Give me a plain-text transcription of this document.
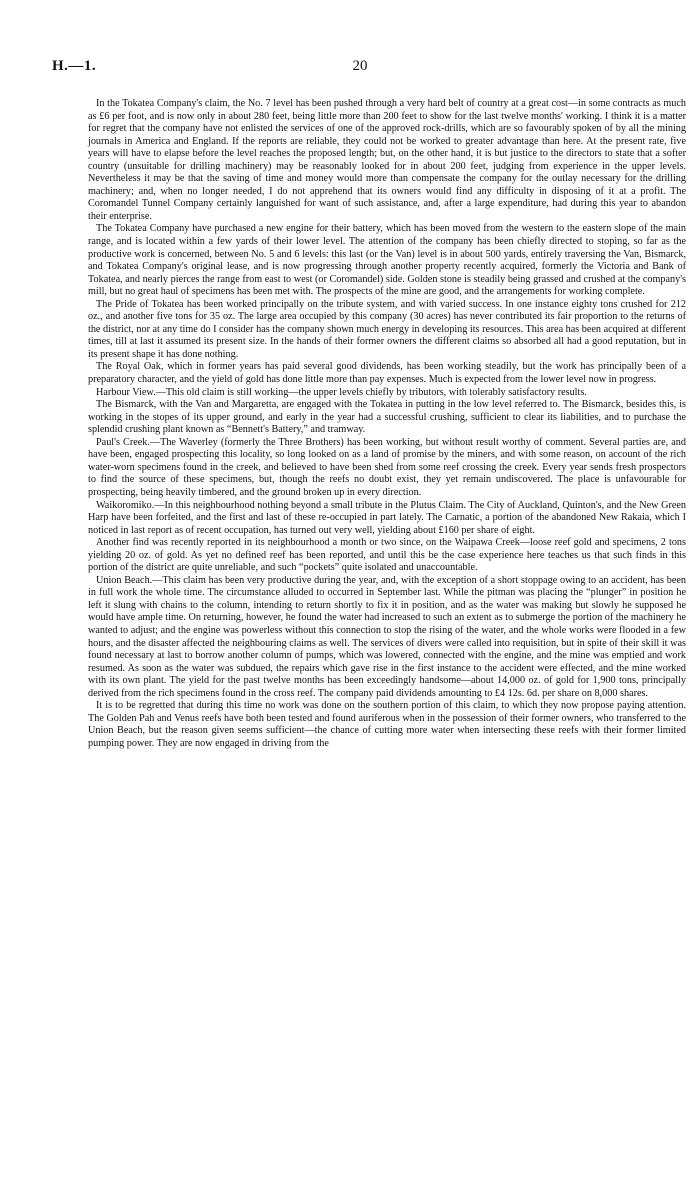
H.—1.	20

In the Tokatea Company's claim, the No. 7 level has been pushed through a very hard belt of country at a great cost—in some contracts as much as £6 per foot, and is now only in about 280 feet, being little more than 200 feet to show for the last twelve months' working. I think it is a matter for regret that the company have not enlisted the services of one of the approved rock-drills, which are so favourably spoken of by all the mining journals in America and England. If the reports are reliable, they could not be worked to greater advantage than here. At the present rate, five years will have to elapse before the level reaches the proposed length; but, on the other hand, it is but justice to the directors to state that a softer country (unsuitable for drilling machinery) may be reasonably looked for in about 200 feet, judging from experience in the upper levels. Nevertheless it may be that the saving of time and money would more than compensate the company for the outlay necessary for the drilling machinery; and, when no longer needed, I do not apprehend that its owners would find any difficulty in disposing of it at a profit. The Coromandel Tunnel Company certainly languished for want of such assistance, and, after a large expenditure, had during this year to abandon their enterprise.

The Tokatea Company have purchased a new engine for their battery, which has been moved from the western to the eastern slope of the main range, and is located within a few yards of their lower level. The attention of the company has been chiefly directed to stoping, so far as the productive work is concerned, between No. 5 and 6 levels: this last (or the Van) level is in about 500 yards, entirely traversing the Van, Bismarck, and Tokatea Company's original lease, and is now progressing through another property recently acquired, formerly the Victoria and Bank of Tokatea, and nearly pierces the range from east to west (or Coromandel) side. Golden stone is steadily being grassed and crushed at the company's mill, but no great haul of specimens has been met with. The prospects of the mine are good, and the arrangements for working complete.

The Pride of Tokatea has been worked principally on the tribute system, and with varied success. In one instance eighty tons crushed for 212 oz., and another five tons for 35 oz. The large area occupied by this company (30 acres) has never contributed its fair proportion to the returns of the district, nor at any time do I consider has the company shown much energy in developing its resources. This area has been acquired at different times, till at last it assumed its present size. In the hands of their former owners the different claims so absorbed all had a good reputation, but in its present shape it has done nothing.

The Royal Oak, which in former years has paid several good dividends, has been working steadily, but the work has principally been of a preparatory character, and the yield of gold has done little more than pay expenses. Much is expected from the lower level now in progress.

Harbour View.—This old claim is still working—the upper levels chiefly by tributors, with tolerably satisfactory results.

The Bismarck, with the Van and Margaretta, are engaged with the Tokatea in putting in the low level referred to. The Bismarck, besides this, is working in the stopes of its upper ground, and early in the year had a successful crushing, sufficient to clear its liabilities, and to purchase the splendid crushing plant known as “Bennett's Battery,” and tramway.

Paul's Creek.—The Waverley (formerly the Three Brothers) has been working, but without result worthy of comment. Several parties are, and have been, engaged prospecting this locality, so long looked on as a land of promise by the miners, and with some reason, on account of the rich water-worn specimens found in the creek, and believed to have been shed from some reef crossing the creek. Every year sends fresh prospectors to find the source of these specimens, but, though the reefs no doubt exist, they yet remain undiscovered. The place is unfavourable for prospecting, being heavily timbered, and the ground broken up in every direction.

Waikoromiko.—In this neighbourhood nothing beyond a small tribute in the Plutus Claim. The City of Auckland, Quinton's, and the New Green Harp have been forfeited, and the first and last of these re-occupied in part lately. The Carnatic, a portion of the abandoned New Rakaia, which I noticed in last report as of recent occupation, has turned out very well, yielding about £160 per share of eight.

Another find was recently reported in its neighbourhood a month or two since, on the Waipawa Creek—loose reef gold and specimens, 2 tons yielding 20 oz. of gold. As yet no defined reef has been reported, and until this be the case experience here teaches us that such finds in this portion of the district are quite unreliable, and such “pockets” quite isolated and unaccountable.

Union Beach.—This claim has been very productive during the year, and, with the exception of a short stoppage owing to an accident, has been in full work the whole time. The circumstance alluded to occurred in September last. While the pitman was placing the “plunger” in position he left it slung with chains to the column, intending to return shortly to fix it in position, and as the water was making but slowly he supposed he would have ample time. On returning, however, he found the water had increased to such an extent as to submerge the portion of the machinery he wanted to adjust; and the engine was powerless without this connection to stop the rising of the water, and the whole works were flooded in a few hours, and the disaster affected the neighbouring claims as well. The services of divers were called into requisition, but in spite of their skill it was found necessary at last to borrow another column of pumps, which was lowered, connected with the engine, and the mine was emptied and work resumed. As soon as the water was subdued, the repairs which gave rise in the first instance to the accident were effected, and the mine worked with its own plant. The yield for the past twelve months has been exceedingly handsome—about 14,000 oz. of gold for 1,900 tons, principally derived from the rich specimens found in the cross reef. The company paid dividends amounting to £4 12s. 6d. per share on 8,000 shares.

It is to be regretted that during this time no work was done on the southern portion of this claim, to which they now propose paying attention. The Golden Pah and Venus reefs have both been tested and found auriferous when in the possession of their former owners, who transferred to the Union Beach, but the reason given seems sufficient—the chance of cutting more water when intersecting these reefs with their former limited pumping power. They are now engaged in driving from the
